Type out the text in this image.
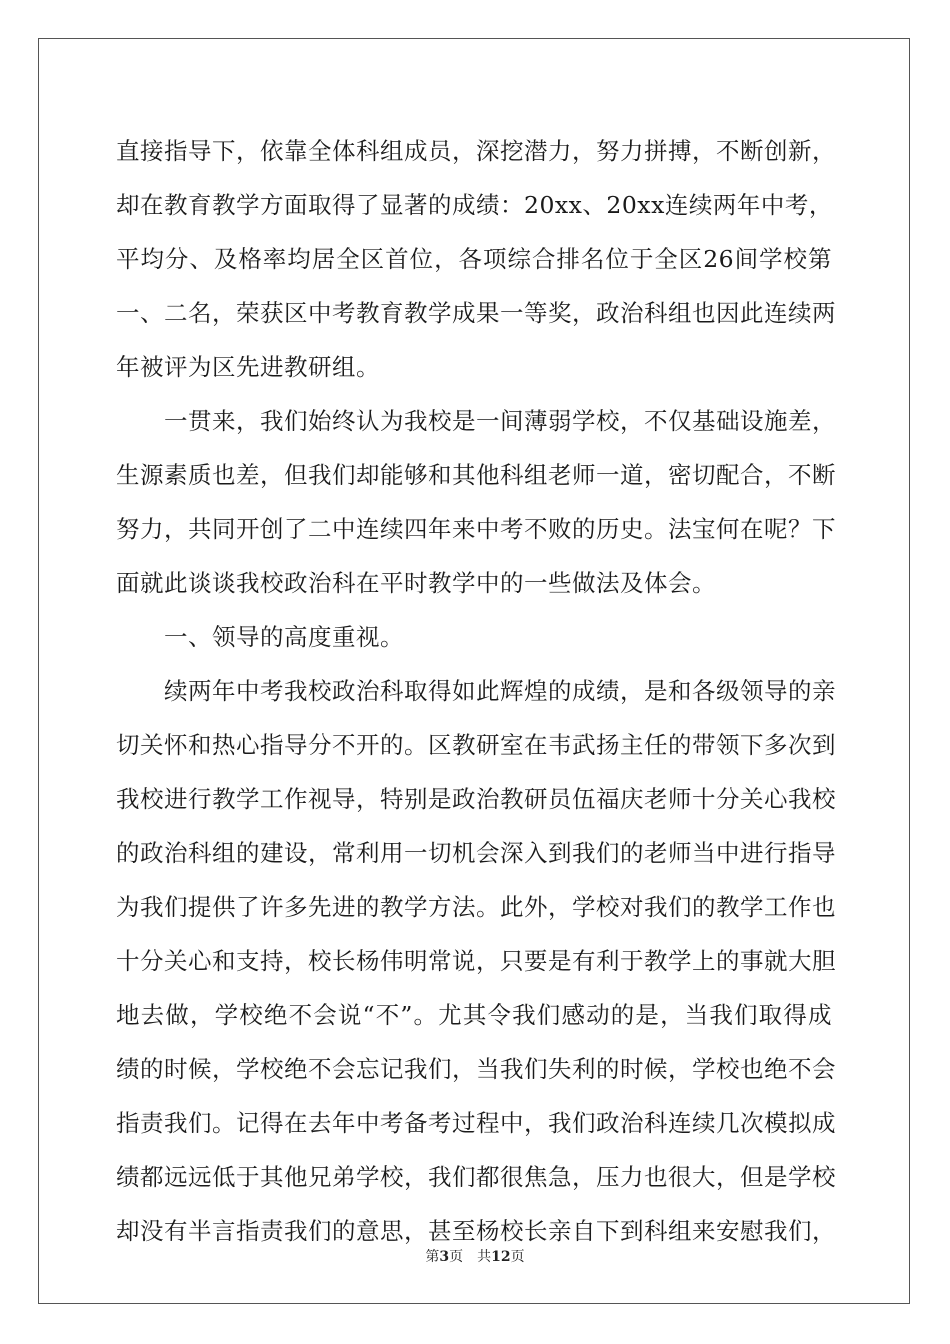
直接指导下，依靠全体科组成员，深挖潜力，努力拼搏，不断创新，
却在教育教学方面取得了显著的成绩：20xx、20xx连续两年中考，
平均分、及格率均居全区首位，各项综合排名位于全区26间学校第
一、二名，荣获区中考教育教学成果一等奖，政治科组也因此连续两
年被评为区先进教研组。
　　一贯来，我们始终认为我校是一间薄弱学校，不仅基础设施差，
生源素质也差，但我们却能够和其他科组老师一道，密切配合，不断
努力，共同开创了二中连续四年来中考不败的历史。法宝何在呢？下
面就此谈谈我校政治科在平时教学中的一些做法及体会。
　　一、领导的高度重视。
　　续两年中考我校政治科取得如此辉煌的成绩，是和各级领导的亲
切关怀和热心指导分不开的。区教研室在韦武扬主任的带领下多次到
我校进行教学工作视导，特别是政治教研员伍福庆老师十分关心我校
的政治科组的建设，常利用一切机会深入到我们的老师当中进行指导
为我们提供了许多先进的教学方法。此外，学校对我们的教学工作也
十分关心和支持，校长杨伟明常说，只要是有利于教学上的事就大胆
地去做，学校绝不会说“不”。尤其令我们感动的是，当我们取得成
绩的时候，学校绝不会忘记我们，当我们失利的时候，学校也绝不会
指责我们。记得在去年中考备考过程中，我们政治科连续几次模拟成
绩都远远低于其他兄弟学校，我们都很焦急，压力也很大，但是学校
却没有半言指责我们的意思，甚至杨校长亲自下到科组来安慰我们，
第3页 共12页
